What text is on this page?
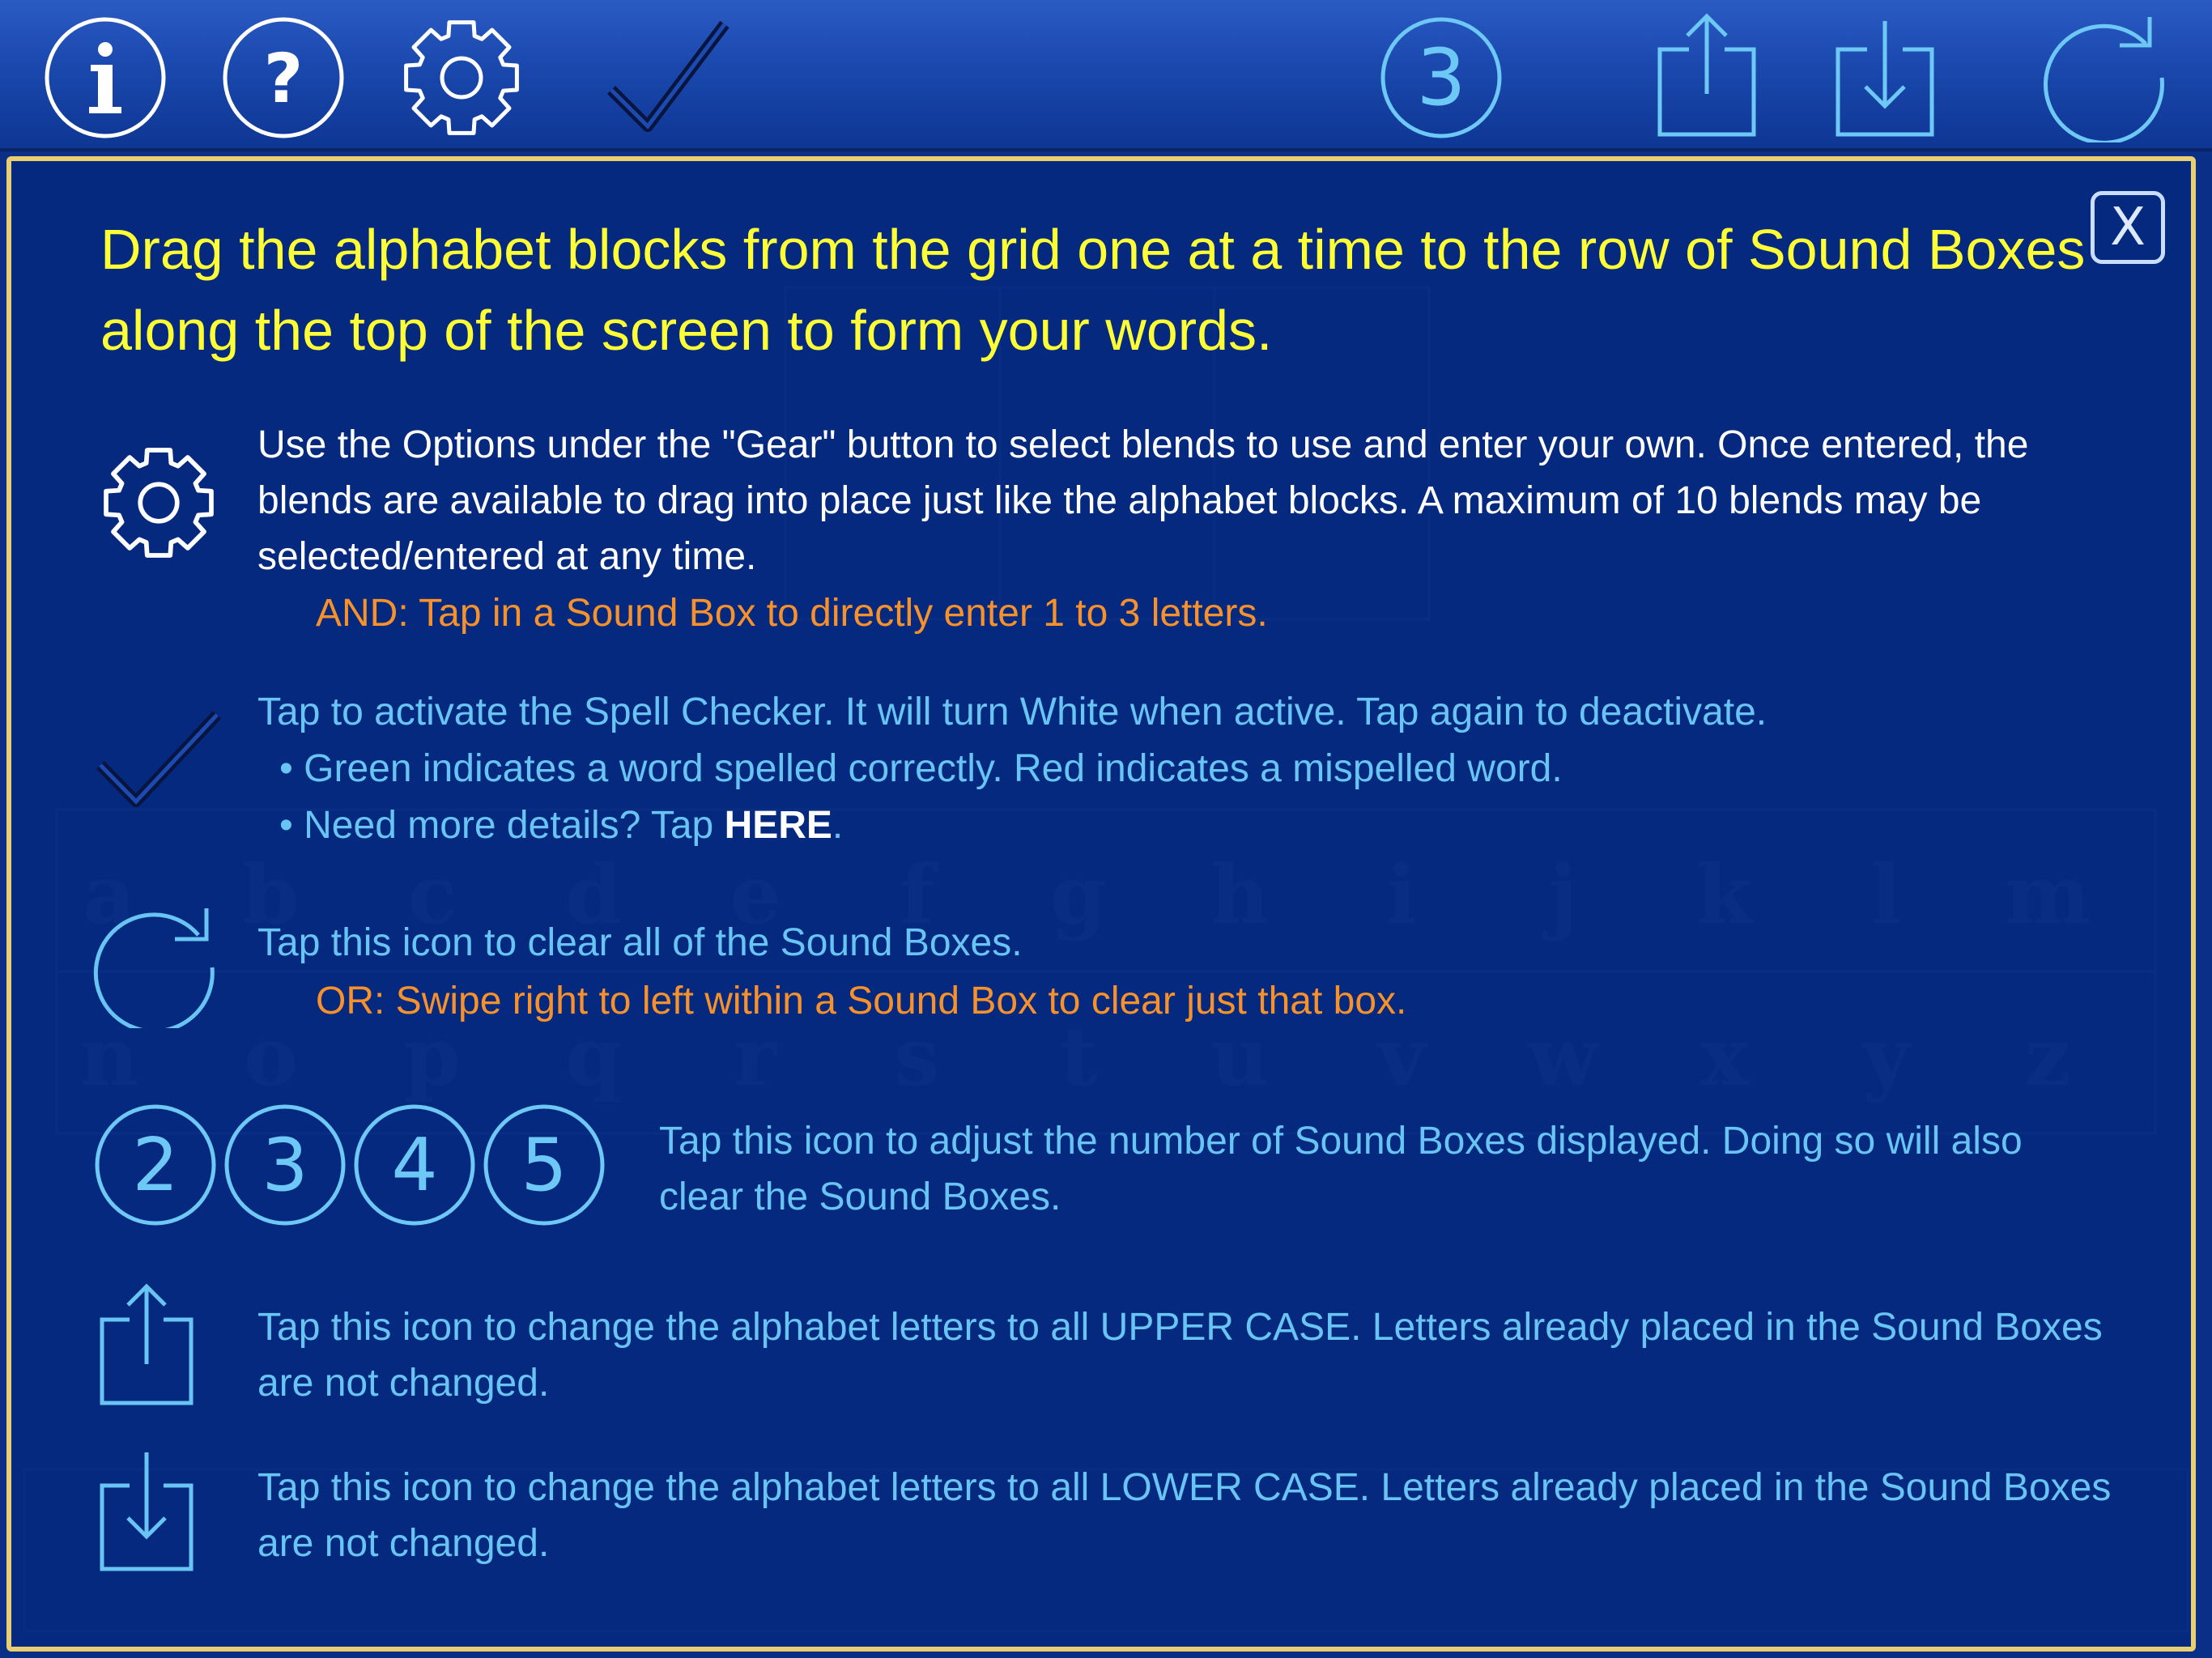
?	3
X
Drag the alphabet blocks from the grid one at a time to the row of Sound Boxes along the top of the screen to form your words.
Use the Options under the "Gear" button to select blends to use and enter your own. Once entered, the blends are available to drag into place just like the alphabet blocks. A maximum of 10 blends may be selected/entered at any time.
AND: Tap in a Sound Box to directly enter 1 to 3 letters.
Tap to activate the Spell Checker. It will turn White when active. Tap again to deactivate.
• Green indicates a word spelled correctly. Red indicates a mispelled word.
• Need more details? Tap HERE.
Tap this icon to clear all of the Sound Boxes.
OR: Swipe right to left within a Sound Box to clear just that box.
2	3	4	5	Tap this icon to adjust the number of Sound Boxes displayed. Doing so will also clear the Sound Boxes.
Tap this icon to change the alphabet letters to all UPPER CASE. Letters already placed in the Sound Boxes are not changed.
Tap this icon to change the alphabet letters to all LOWER CASE. Letters already placed in the Sound Boxes are not changed.
